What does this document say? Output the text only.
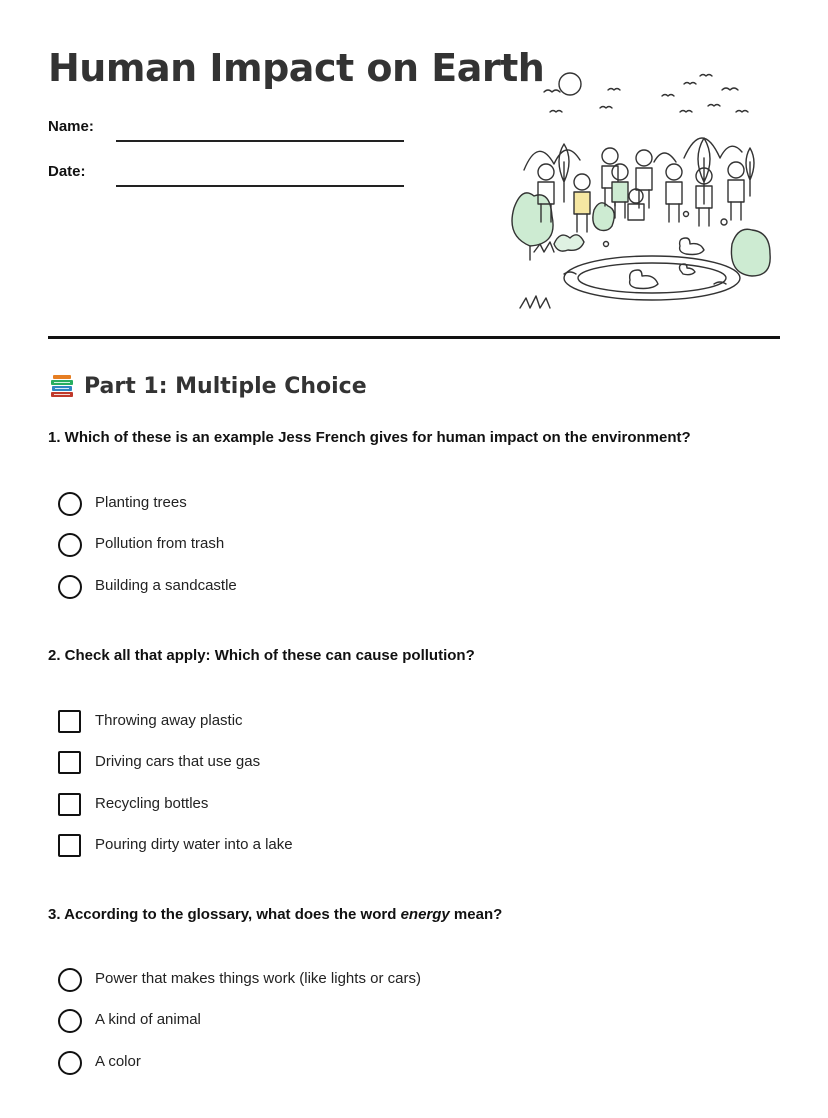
Human Impact on Earth
Name:
Date:
Part 1: Multiple Choice
1. Which of these is an example Jess French gives for human impact on the environment?
Planting trees
Pollution from trash
Building a sandcastle
2. Check all that apply: Which of these can cause pollution?
Throwing away plastic
Driving cars that use gas
Recycling bottles
Pouring dirty water into a lake
3. According to the glossary, what does the word energy mean?
Power that makes things work (like lights or cars)
A kind of animal
A color
